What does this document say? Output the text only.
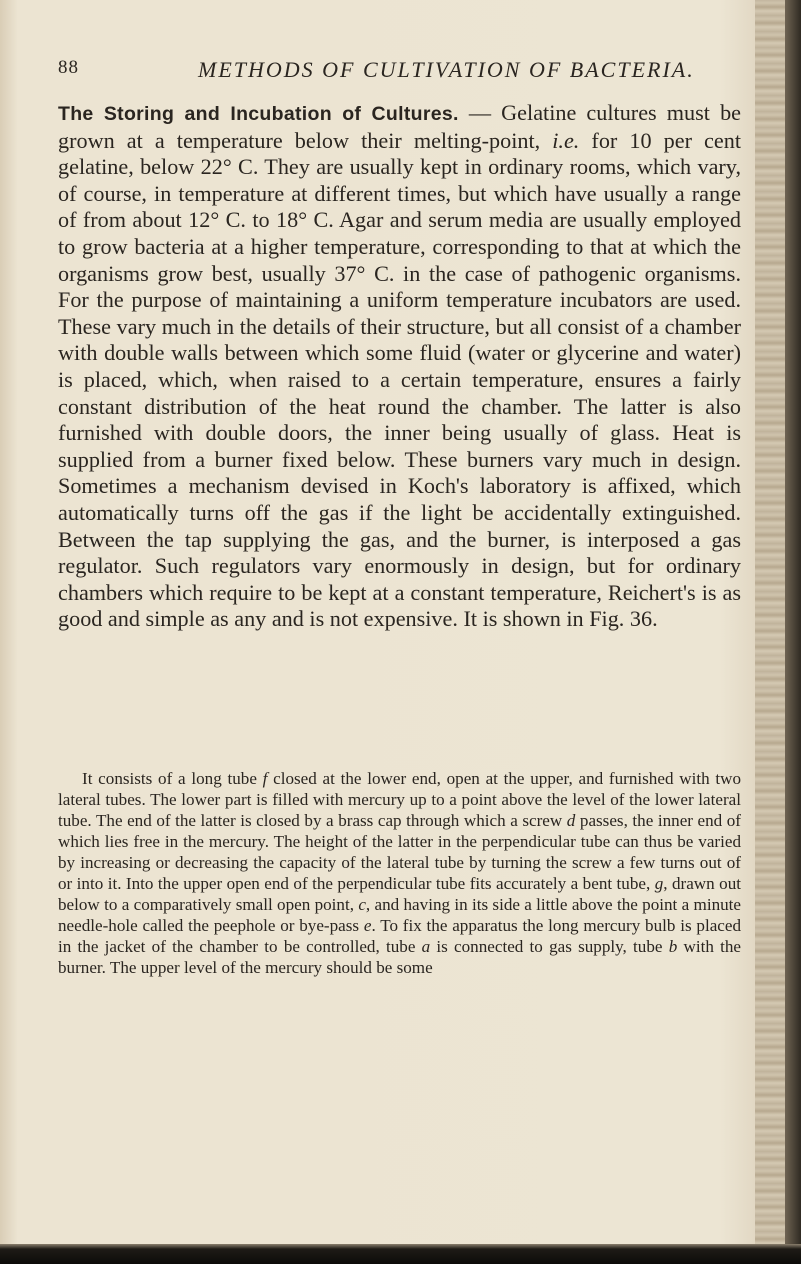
88	METHODS OF CULTIVATION OF BACTERIA.

The Storing and Incubation of Cultures. — Gelatine cultures must be grown at a temperature below their melting-point, i.e. for 10 per cent gelatine, below 22° C. They are usually kept in ordinary rooms, which vary, of course, in temperature at different times, but which have usually a range of from about 12° C. to 18° C. Agar and serum media are usually employed to grow bacteria at a higher temperature, corresponding to that at which the organisms grow best, usually 37° C. in the case of pathogenic organisms. For the purpose of maintaining a uniform temperature incubators are used. These vary much in the details of their structure, but all consist of a chamber with double walls between which some fluid (water or glycerine and water) is placed, which, when raised to a certain temperature, ensures a fairly constant distribution of the heat round the chamber. The latter is also furnished with double doors, the inner being usually of glass. Heat is supplied from a burner fixed below. These burners vary much in design. Sometimes a mechanism devised in Koch's laboratory is affixed, which automatically turns off the gas if the light be accidentally extinguished. Between the tap supplying the gas, and the burner, is interposed a gas regulator. Such regulators vary enormously in design, but for ordinary chambers which require to be kept at a constant temperature, Reichert's is as good and simple as any and is not expensive. It is shown in Fig. 36.

It consists of a long tube f closed at the lower end, open at the upper, and furnished with two lateral tubes. The lower part is filled with mercury up to a point above the level of the lower lateral tube. The end of the latter is closed by a brass cap through which a screw d passes, the inner end of which lies free in the mercury. The height of the latter in the perpendicular tube can thus be varied by increasing or decreasing the capacity of the lateral tube by turning the screw a few turns out of or into it. Into the upper open end of the perpendicular tube fits accurately a bent tube, g, drawn out below to a comparatively small open point, c, and having in its side a little above the point a minute needle-hole called the peephole or bye-pass e. To fix the apparatus the long mercury bulb is placed in the jacket of the chamber to be controlled, tube a is connected to gas supply, tube b with the burner. The upper level of the mercury should be some
